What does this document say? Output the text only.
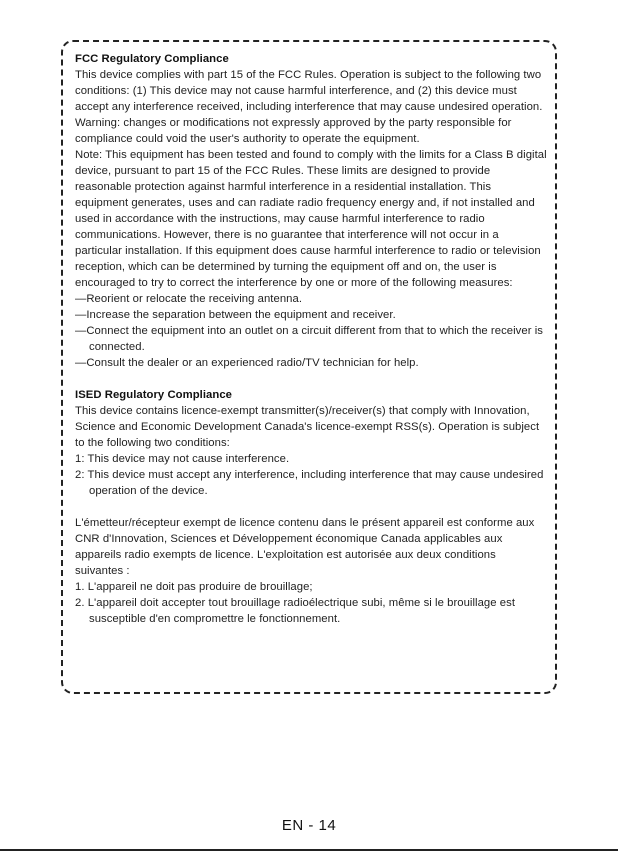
FCC Regulatory Compliance

This device complies with part 15 of the FCC Rules. Operation is subject to the following two conditions: (1) This device may not cause harmful interference, and (2) this device must accept any interference received, including interference that may cause undesired operation.

Warning: changes or modifications not expressly approved by the party responsible for compliance could void the user's authority to operate the equipment.

Note: This equipment has been tested and found to comply with the limits for a Class B digital device, pursuant to part 15 of the FCC Rules. These limits are designed to provide reasonable protection against harmful interference in a residential installation. This equipment generates, uses and can radiate radio frequency energy and, if not installed and used in accordance with the instructions, may cause harmful interference to radio communications. However, there is no guarantee that interference will not occur in a particular installation. If this equipment does cause harmful interference to radio or television reception, which can be determined by turning the equipment off and on, the user is encouraged to try to correct the interference by one or more of the following measures:

—Reorient or relocate the receiving antenna.

—Increase the separation between the equipment and receiver.

—Connect the equipment into an outlet on a circuit different from that to which the receiver is connected.

—Consult the dealer or an experienced radio/TV technician for help.

ISED Regulatory Compliance

This device contains licence-exempt transmitter(s)/receiver(s) that comply with Innovation, Science and Economic Development Canada's licence-exempt RSS(s). Operation is subject to the following two conditions:

1: This device may not cause interference.

2: This device must accept any interference, including interference that may cause undesired operation of the device.

L'émetteur/récepteur exempt de licence contenu dans le présent appareil est conforme aux CNR d'Innovation, Sciences et Développement économique Canada applicables aux appareils radio exempts de licence. L'exploitation est autorisée aux deux conditions suivantes :

1. L'appareil ne doit pas produire de brouillage;

2. L'appareil doit accepter tout brouillage radioélectrique subi, même si le brouillage est susceptible d'en compromettre le fonctionnement.

EN - 14
